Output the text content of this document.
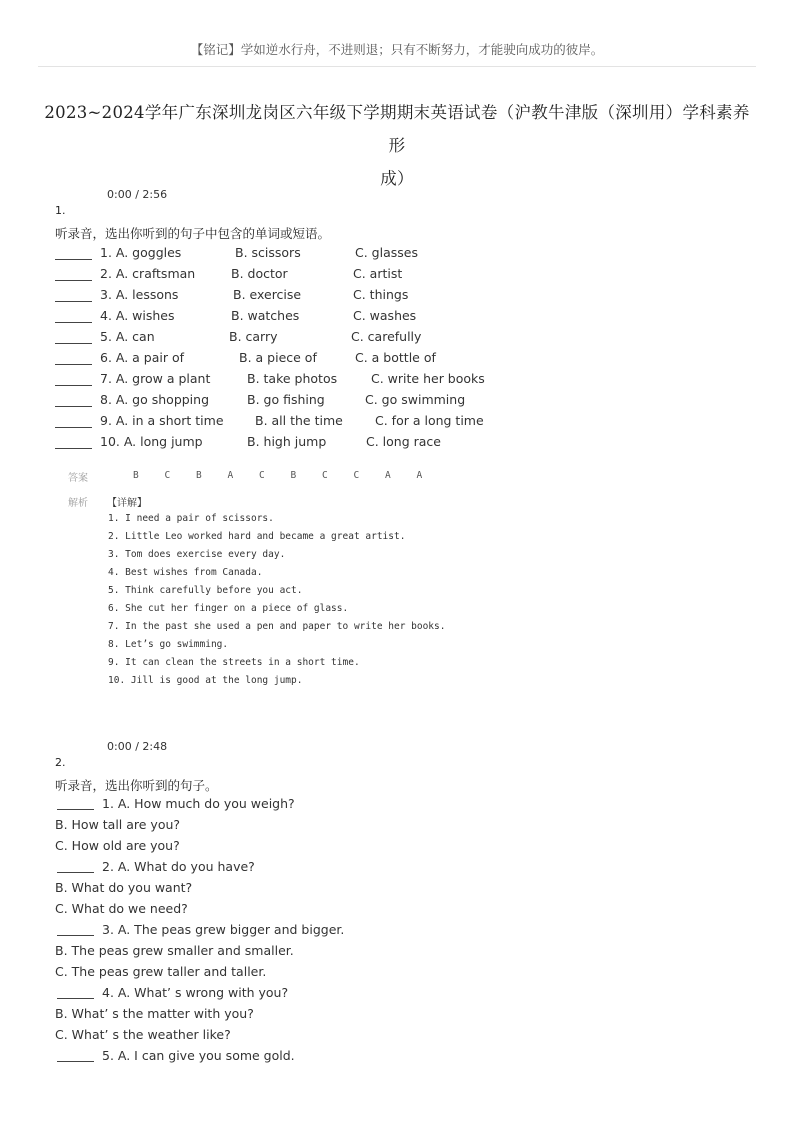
【铭记】学如逆水行舟，不进则退；只有不断努力，才能驶向成功的彼岸。
2023~2024学年广东深圳龙岗区六年级下学期期末英语试卷（沪教牛津版（深圳用）学科素养形
成）
0:00 / 2:56
1.
听录音，选出你听到的句子中包含的单词或短语。
1. A. goggles	B. scissors	C. glasses
2. A. craftsman	B. doctor	C. artist
3. A. lessons	B. exercise	C. things
4. A. wishes	B. watches	C. washes
5. A. can	B. carry	C. carefully
6. A. a pair of	B. a piece of	C. a bottle of
7. A. grow a plant	B. take photos	C. write her books
8. A. go shopping	B. go fishing	C. go swimming
9. A. in a short time	B. all the time	C. for a long time
10. A. long jump	B. high jump	C. long race
答案	B	C	B	A	C	B	C	C	A	A
解析 【详解】
1. I need a pair of scissors.
2. Little Leo worked hard and became a great artist.
3. Tom does exercise every day.
4. Best wishes from Canada.
5. Think carefully before you act.
6. She cut her finger on a piece of glass.
7. In the past she used a pen and paper to write her books.
8. Let’s go swimming.
9. It can clean the streets in a short time.
10. Jill is good at the long jump.
0:00 / 2:48
2.
听录音，选出你听到的句子。
1. A. How much do you weigh?
B. How tall are you?
C. How old are you?
2. A. What do you have?
B. What do you want?
C. What do we need?
3. A. The peas grew bigger and bigger.
B. The peas grew smaller and smaller.
C. The peas grew taller and taller.
4. A. What’ s wrong with you?
B. What’ s the matter with you?
C. What’ s the weather like?
5. A. I can give you some gold.
